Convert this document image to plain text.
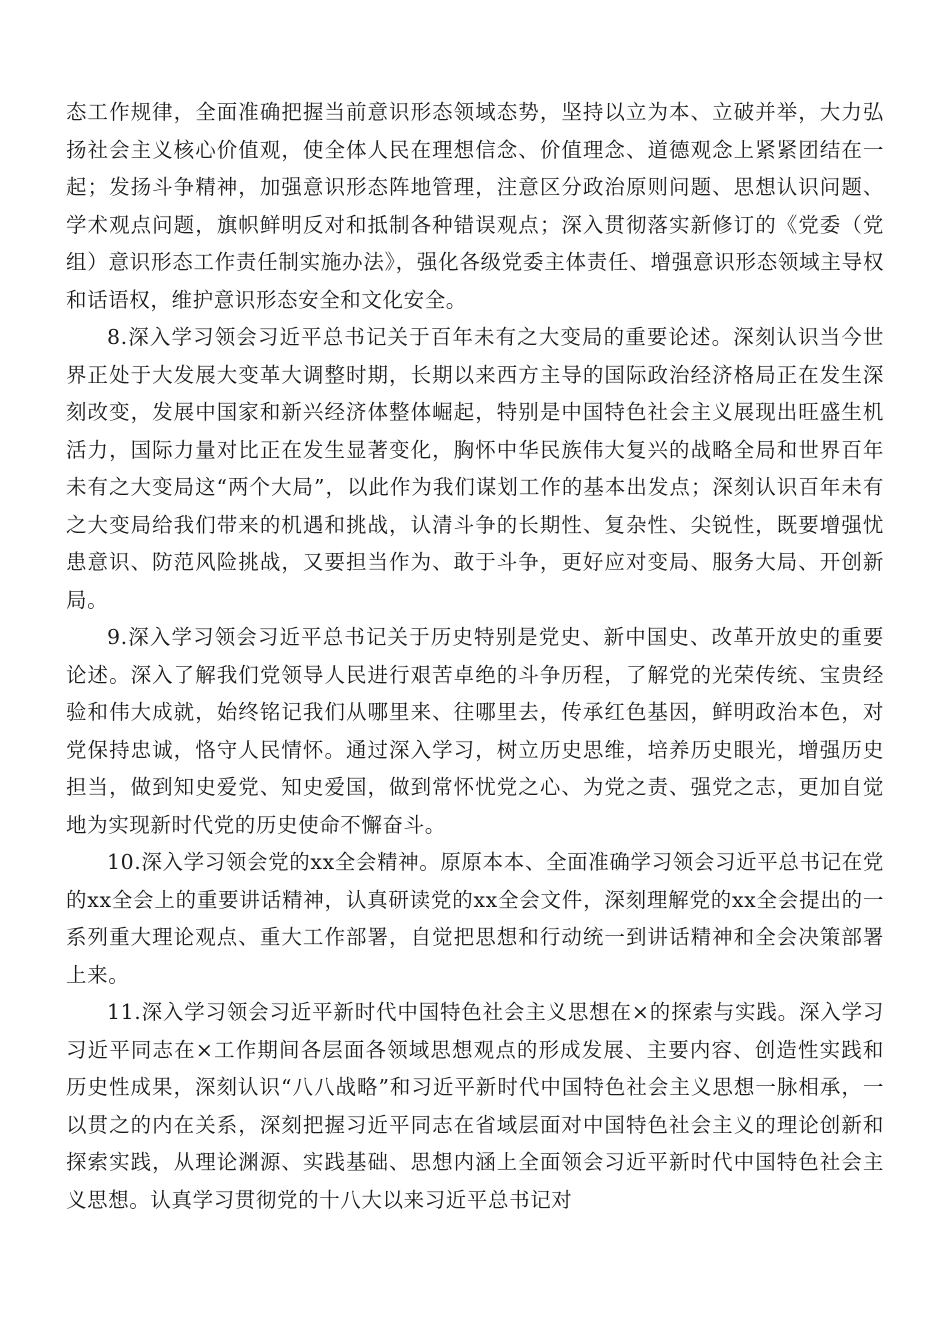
态工作规律，全面准确把握当前意识形态领域态势，坚持以立为本、立破并举，大力弘扬社会主义核心价值观，使全体人民在理想信念、价值理念、道德观念上紧紧团结在一起；发扬斗争精神，加强意识形态阵地管理，注意区分政治原则问题、思想认识问题、学术观点问题，旗帜鲜明反对和抵制各种错误观点；深入贯彻落实新修订的《党委（党组）意识形态工作责任制实施办法》，强化各级党委主体责任、增强意识形态领域主导权和话语权，维护意识形态安全和文化安全。

8.深入学习领会习近平总书记关于百年未有之大变局的重要论述。深刻认识当今世界正处于大发展大变革大调整时期，长期以来西方主导的国际政治经济格局正在发生深刻改变，发展中国家和新兴经济体整体崛起，特别是中国特色社会主义展现出旺盛生机活力，国际力量对比正在发生显著变化，胸怀中华民族伟大复兴的战略全局和世界百年未有之大变局这“两个大局”，以此作为我们谋划工作的基本出发点；深刻认识百年未有之大变局给我们带来的机遇和挑战，认清斗争的长期性、复杂性、尖锐性，既要增强忧患意识、防范风险挑战，又要担当作为、敢于斗争，更好应对变局、服务大局、开创新局。

9.深入学习领会习近平总书记关于历史特别是党史、新中国史、改革开放史的重要论述。深入了解我们党领导人民进行艰苦卓绝的斗争历程，了解党的光荣传统、宝贵经验和伟大成就，始终铭记我们从哪里来、往哪里去，传承红色基因，鲜明政治本色，对党保持忠诚，恪守人民情怀。通过深入学习，树立历史思维，培养历史眼光，增强历史担当，做到知史爱党、知史爱国，做到常怀忧党之心、为党之责、强党之志，更加自觉地为实现新时代党的历史使命不懈奋斗。

10.深入学习领会党的xx全会精神。原原本本、全面准确学习领会习近平总书记在党的xx全会上的重要讲话精神，认真研读党的xx全会文件，深刻理解党的xx全会提出的一系列重大理论观点、重大工作部署，自觉把思想和行动统一到讲话精神和全会决策部署上来。

11.深入学习领会习近平新时代中国特色社会主义思想在×的探索与实践。深入学习习近平同志在×工作期间各层面各领域思想观点的形成发展、主要内容、创造性实践和历史性成果，深刻认识“八八战略”和习近平新时代中国特色社会主义思想一脉相承，一以贯之的内在关系，深刻把握习近平同志在省域层面对中国特色社会主义的理论创新和探索实践，从理论渊源、实践基础、思想内涵上全面领会习近平新时代中国特色社会主义思想。认真学习贯彻党的十八大以来习近平总书记对
